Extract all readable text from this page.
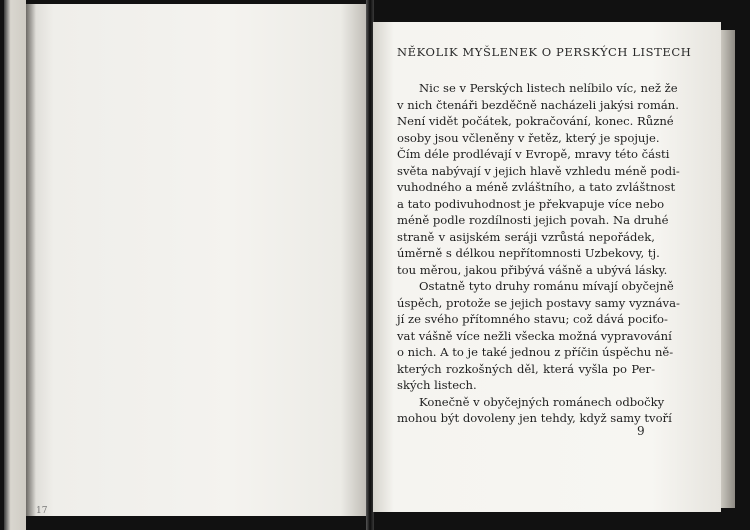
NĚKOLIK MYŠLENEK O PERSKÝCH LISTECH
Nic se v Perských listech nelíbilo víc, než že
v nich čtenáři bezděčně nacházeli jakýsi román.
Není vidět počátek, pokračování, konec. Různé
osoby jsou včleněny v řetěz, který je spojuje.
Čím déle prodlévají v Evropě, mravy této části
světa nabývají v jejich hlavě vzhledu méně podi-
vuhodného a méně zvláštního, a tato zvláštnost
a tato podivuhodnost je překvapuje více nebo
méně podle rozdílnosti jejich povah. Na druhé
straně v asijském seráji vzrůstá nepořádek,
úměrně s délkou nepřítomnosti Uzbekovy, tj.
tou měrou, jakou přibývá vášně a ubývá lásky.
Ostatně tyto druhy románu mívají obyčejně
úspěch, protože se jejich postavy samy vyznáva-
jí ze svého přítomného stavu; což dává pociťo-
vat vášně více nežli všecka možná vypravování
o nich. A to je také jednou z příčin úspěchu ně-
kterých rozkošných děl, která vyšla po Per-
ských listech.
Konečně v obyčejných románech odbočky
mohou být dovoleny jen tehdy, když samy tvoří
9
17
